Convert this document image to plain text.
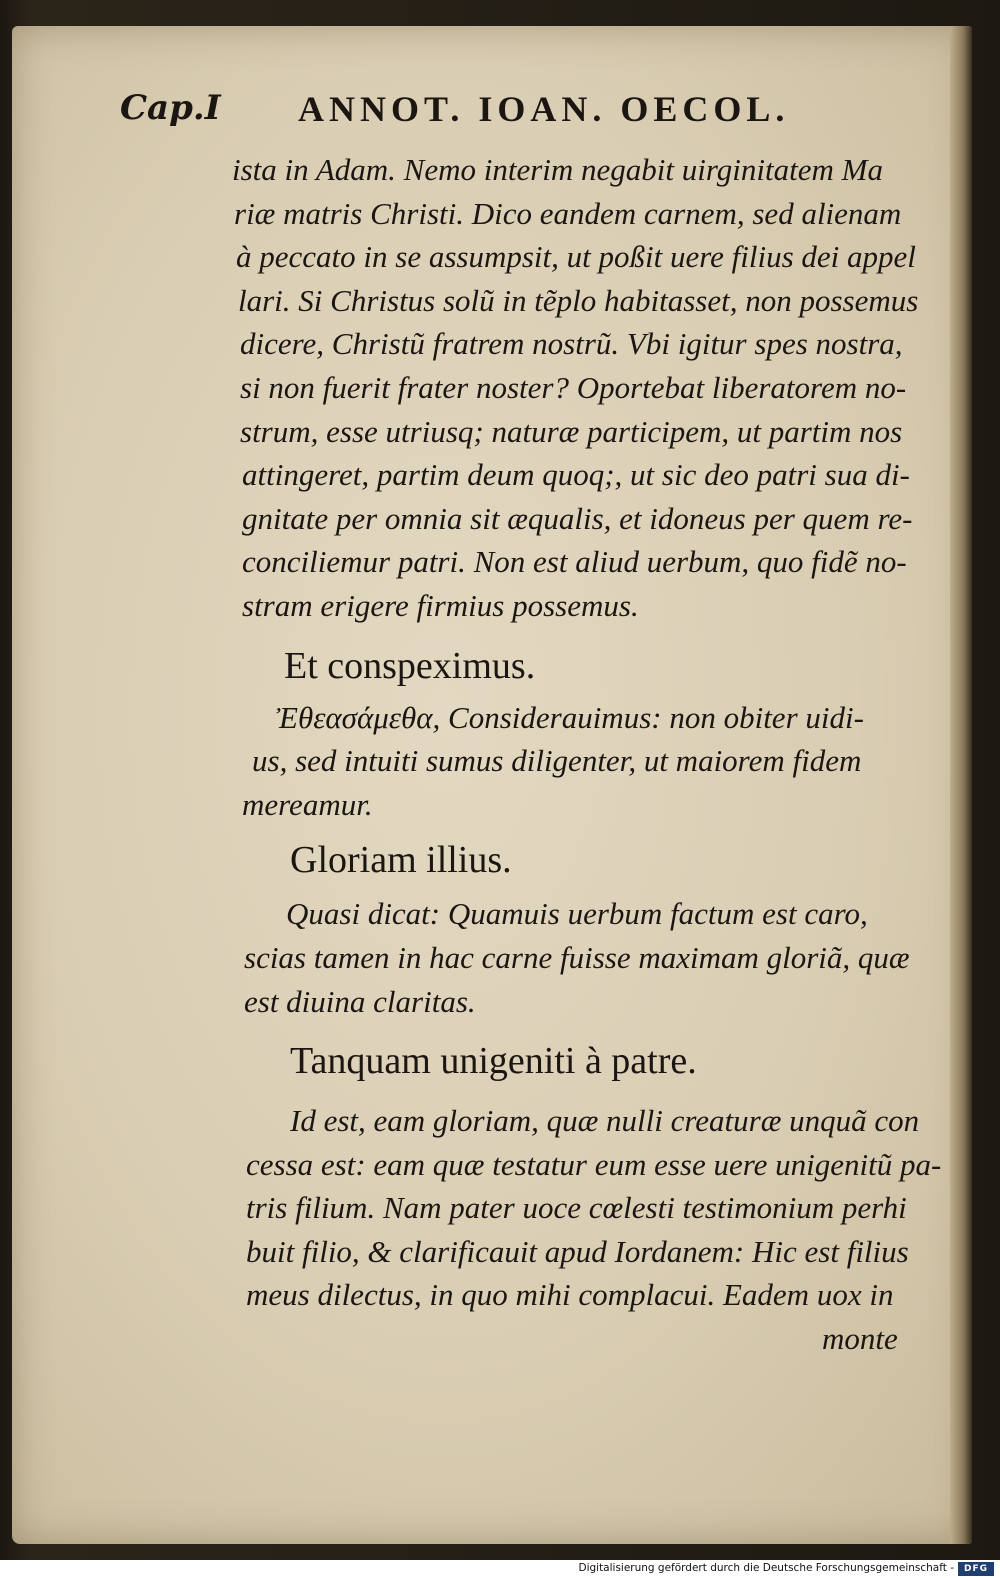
Cap.I ANNOT. IOAN. OECOL.
ista in Adam. Nemo interim negabit uirginitatem Ma
riæ matris Christi. Dico eandem carnem, sed alienam
à peccato in se assumpsit, ut poßit uere filius dei appel
lari. Si Christus solũ in tẽplo habitasset, non possemus
dicere, Christũ fratrem nostrũ. Vbi igitur spes nostra,
si non fuerit frater noster? Oportebat liberatorem no-
strum, esse utriusq; naturæ participem, ut partim nos
attingeret, partim deum quoq;, ut sic deo patri sua di-
gnitate per omnia sit æqualis, et idoneus per quem re-
conciliemur patri. Non est aliud uerbum, quo fidẽ no-
stram erigere firmius possemus.
Et conspeximus.
Ἐθεασάμεθα, Considerauimus: non obiter uidi-
us, sed intuiti sumus diligenter, ut maiorem fidem
mereamur.
Gloriam illius.
Quasi dicat: Quamuis uerbum factum est caro,
scias tamen in hac carne fuisse maximam gloriã, quæ
est diuina claritas.
Tanquam unigeniti à patre.
Id est, eam gloriam, quæ nulli creaturæ unquã con
cessa est: eam quæ testatur eum esse uere unigenitũ pa-
tris filium. Nam pater uoce cœlesti testimonium perhi
buit filio, & clarificauit apud Iordanem: Hic est filius
meus dilectus, in quo mihi complacui. Eadem uox in
monte
Digitalisierung gefördert durch die Deutsche Forschungsgemeinschaft -	DFG
